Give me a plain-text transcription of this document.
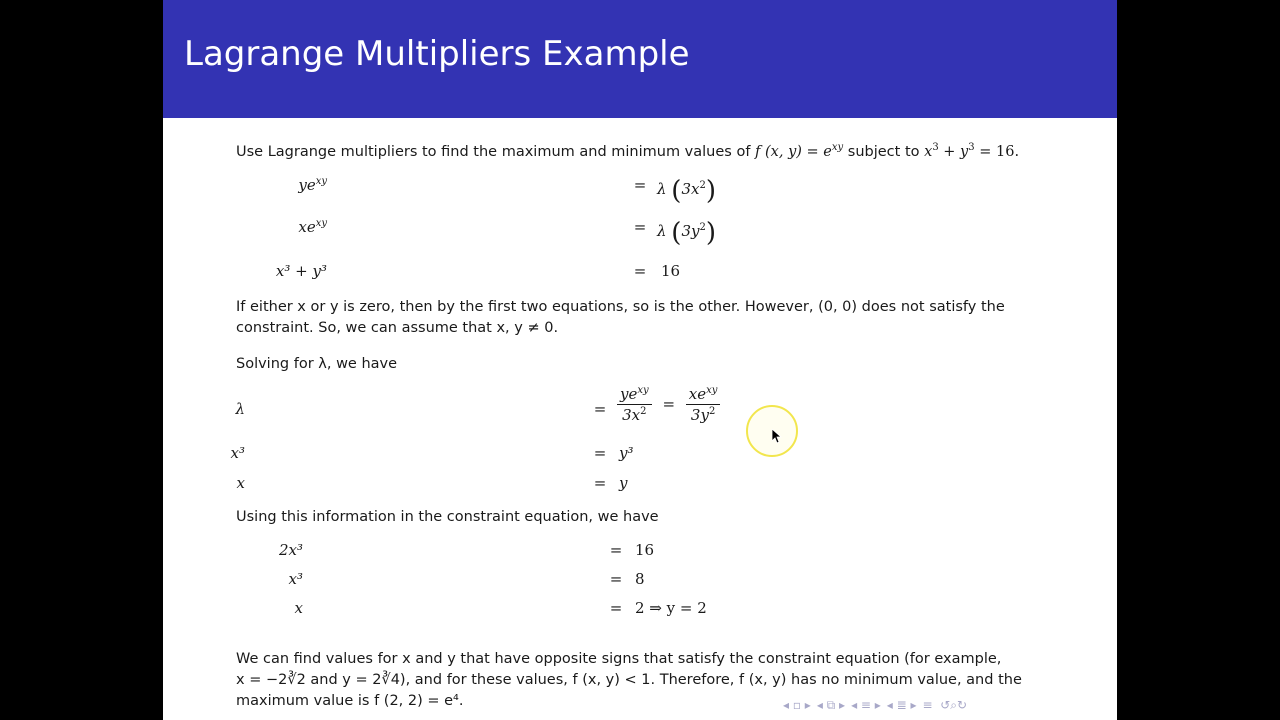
Lagrange Multipliers Example
Use Lagrange multipliers to find the maximum and minimum values of f (x, $y) = e^{xy}$ subject to $x^3 + y^3 = 16$.
$ye^{xy}$	= λ $(3x^2)$
$xe^{xy}$	= λ $(3y^2)$
x³ + y³	= 16
If either x or y is zero, then by the first two equations, so is the other. However, (0, 0) does not satisfy the
constraint. So, we can assume that x, y ≠ 0.
Solving for λ, we have
λ	= $\frac{ye^{xy}}{3x^2} = \frac{xe^{xy}}{3y^2}$
x³	= y³
x	= y
Using this information in the constraint equation, we have
2x³	= 16
x³	= 8
x	= 2 ⇒ y = 2
We can find values for x and y that have opposite signs that satisfy the constraint equation (for example,
x = −2∛2 and y = 2∛4), and for these values, f (x, y) < 1. Therefore, f (x, y) has no minimum value, and the
maximum value is f (2, 2) = e⁴.	◂ ▫ ▸ ◂ ⧉ ▸ ◂ ≡ ▸ ◂ ≣ ▸ ≡  ↺⌕↻
